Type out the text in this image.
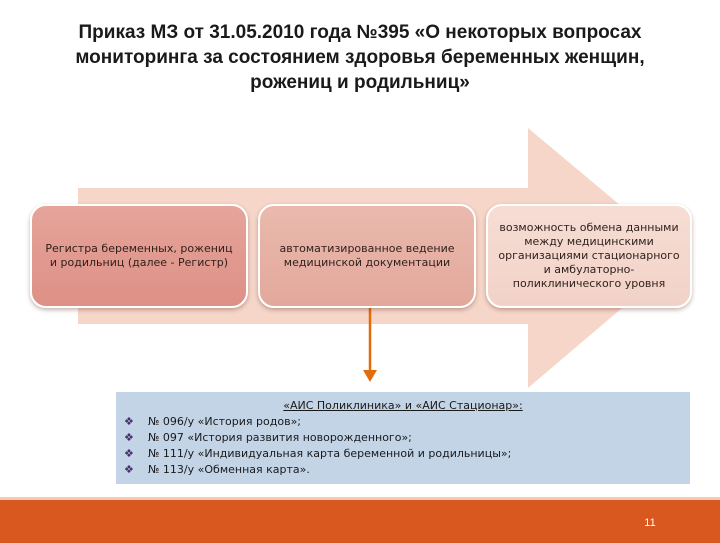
Приказ МЗ от 31.05.2010 года №395 «О некоторых вопросах
мониторинга за состоянием здоровья беременных женщин,
рожениц и родильниц»
Регистра беременных, рожениц и родильниц (далее - Регистр)
автоматизированное ведение медицинской документации
возможность обмена данными между медицинскими организациями стационарного и амбулаторно-поликлинического уровня
«АИС Поликлиника» и «АИС Стационар»:
❖	№ 096/у «История родов»;
❖	№ 097 «История развития новорожденного»;
❖	№ 111/у «Индивидуальная карта беременной и родильницы»;
❖	№ 113/у «Обменная карта».
11
